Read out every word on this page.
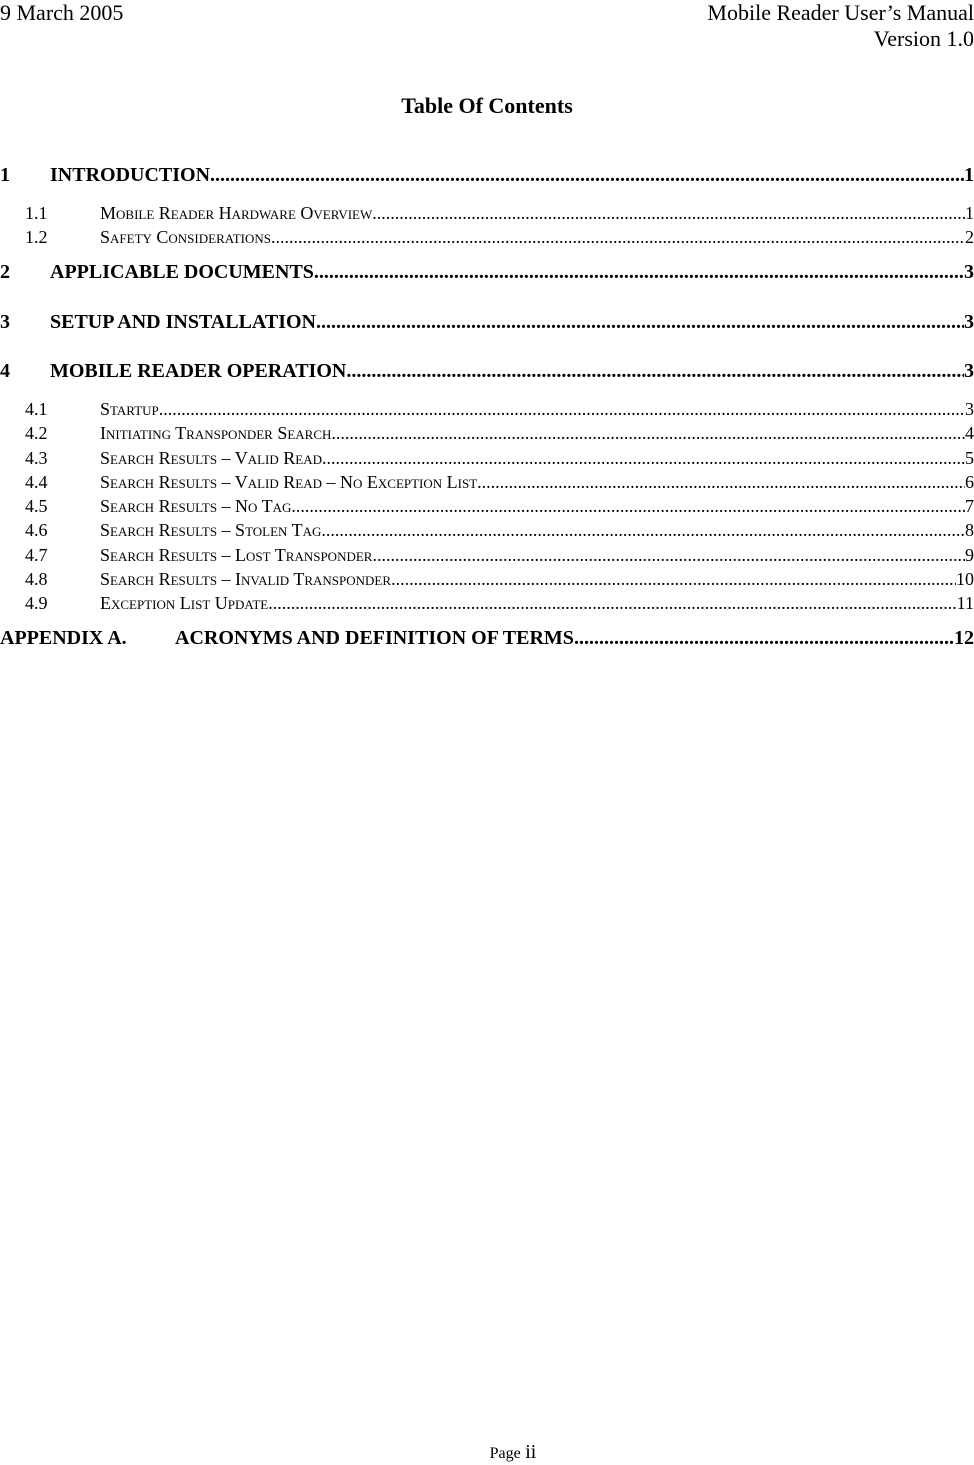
9 March 2005	Mobile Reader User’s Manual
Version 1.0
Table Of Contents
1	INTRODUCTION .....	1
1.1	Mobile Reader Hardware Overview .....	1
1.2	Safety Considerations .....	2
2	APPLICABLE DOCUMENTS .....	3
3	SETUP AND INSTALLATION .....	3
4	MOBILE READER OPERATION .....	3
4.1	Startup .....	3
4.2	Initiating Transponder Search .....	4
4.3	Search Results – Valid Read .....	5
4.4	Search Results – Valid Read – No Exception List .....	6
4.5	Search Results – No Tag .....	7
4.6	Search Results – Stolen Tag .....	8
4.7	Search Results – Lost Transponder .....	9
4.8	Search Results – Invalid Transponder .....	10
4.9	Exception List Update .....	11
APPENDIX A.	ACRONYMS AND DEFINITION OF TERMS .....	12
Page ii
